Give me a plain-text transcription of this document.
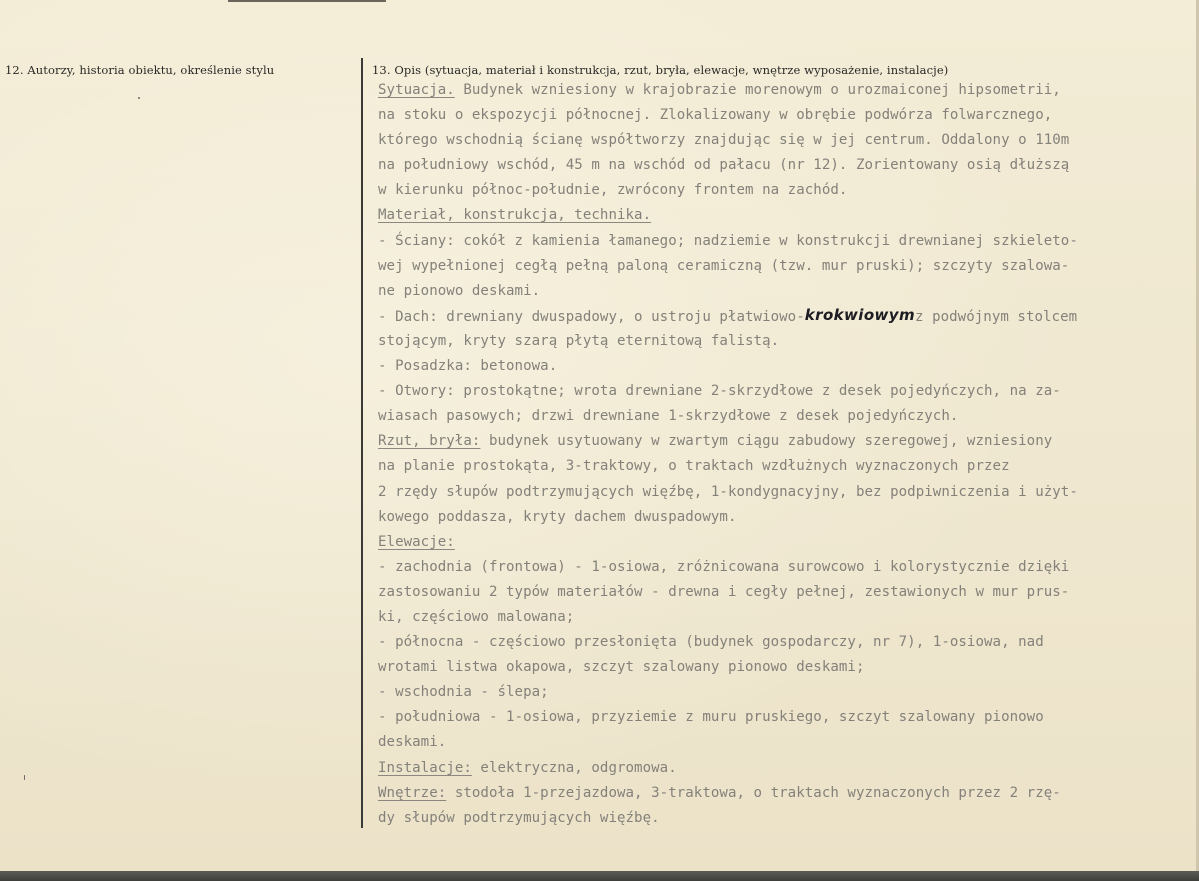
12. Autorzy, historia obiektu, określenie stylu	13. Opis (sytuacja, materiał i konstrukcja, rzut, bryła, elewacje, wnętrze wyposażenie, instalacje)
Sytuacja. Budynek wzniesiony w krajobrazie morenowym o urozmaiconej hipsometrii,
na stoku o ekspozycji północnej. Zlokalizowany w obrębie podwórza folwarcznego,
którego wschodnią ścianę współtworzy znajdując się w jej centrum. Oddalony o 110m
na południowy wschód, 45 m na wschód od pałacu (nr 12). Zorientowany osią dłuższą
w kierunku północ-południe, zwrócony frontem na zachód.
Materiał, konstrukcja, technika.
- Ściany: cokół z kamienia łamanego; nadziemie w konstrukcji drewnianej szkieleto-
wej wypełnionej cegłą pełną paloną ceramiczną (tzw. mur pruski); szczyty szalowa-
ne pionowo deskami.
- Dach: drewniany dwuspadowy, o ustroju płatwiowo-krokwiowymz podwójnym stolcem
stojącym, kryty szarą płytą eternitową falistą.
- Posadzka: betonowa.
- Otwory: prostokątne; wrota drewniane 2-skrzydłowe z desek pojedyńczych, na za-
wiasach pasowych; drzwi drewniane 1-skrzydłowe z desek pojedyńczych.
Rzut, bryła: budynek usytuowany w zwartym ciągu zabudowy szeregowej, wzniesiony
na planie prostokąta, 3-traktowy, o traktach wzdłużnych wyznaczonych przez
2 rzędy słupów podtrzymujących więźbę, 1-kondygnacyjny, bez podpiwniczenia i użyt-
kowego poddasza, kryty dachem dwuspadowym.
Elewacje:
- zachodnia (frontowa) - 1-osiowa, zróżnicowana surowcowo i kolorystycznie dzięki
zastosowaniu 2 typów materiałów - drewna i cegły pełnej, zestawionych w mur prus-
ki, częściowo malowana;
- północna - częściowo przesłonięta (budynek gospodarczy, nr 7), 1-osiowa, nad
wrotami listwa okapowa, szczyt szalowany pionowo deskami;
- wschodnia - ślepa;
- południowa - 1-osiowa, przyziemie z muru pruskiego, szczyt szalowany pionowo
deskami.
Instalacje: elektryczna, odgromowa.
Wnętrze: stodoła 1-przejazdowa, 3-traktowa, o traktach wyznaczonych przez 2 rzę-
dy słupów podtrzymujących więźbę.
